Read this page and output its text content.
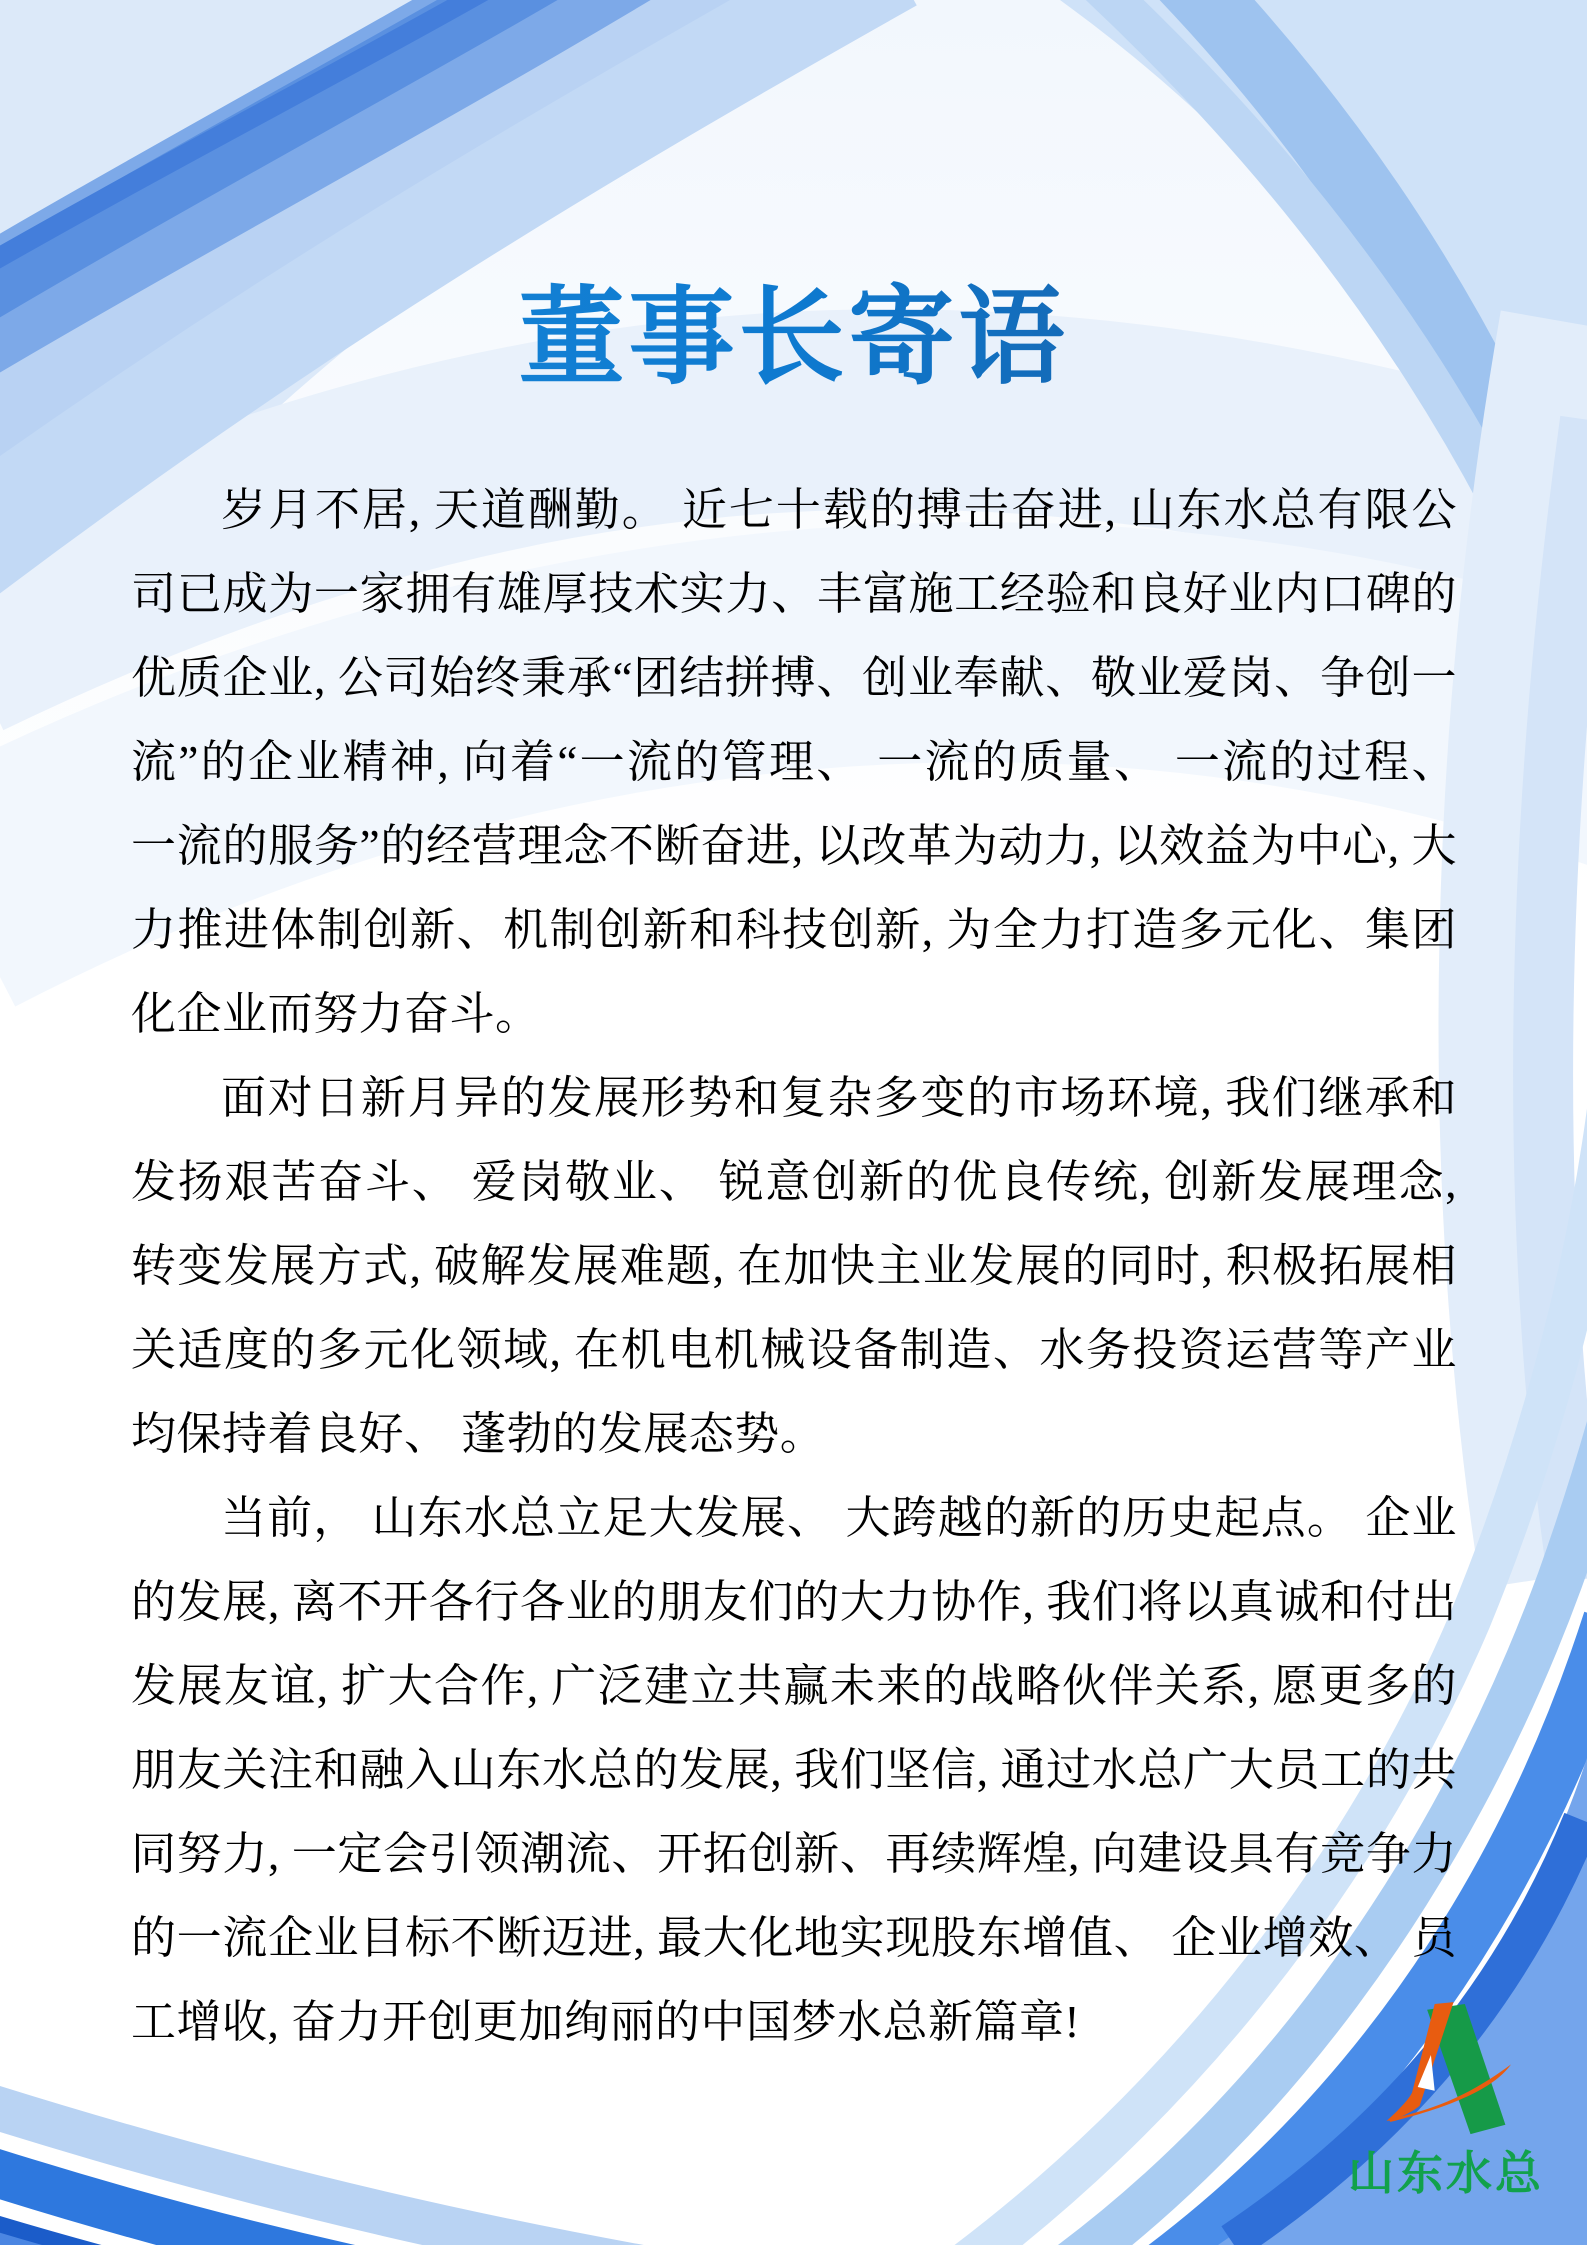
董事长寄语

岁月不居, 天道酬勤。 近七十载的搏击奋进, 山东水总有限公司已成为一家拥有雄厚技术实力、丰富施工经验和良好业内口碑的优质企业, 公司始终秉承“团结拼搏、创业奉献、敬业爱岗、争创一流”的企业精神, 向着“一流的管理、 一流的质量、 一流的过程、 一流的服务”的经营理念不断奋进, 以改革为动力, 以效益为中心, 大力推进体制创新、机制创新和科技创新, 为全力打造多元化、集团化企业而努力奋斗。

面对日新月异的发展形势和复杂多变的市场环境, 我们继承和发扬艰苦奋斗、 爱岗敬业、 锐意创新的优良传统, 创新发展理念, 转变发展方式, 破解发展难题, 在加快主业发展的同时, 积极拓展相关适度的多元化领域, 在机电机械设备制造、水务投资运营等产业均保持着良好、 蓬勃的发展态势。

当前， 山东水总立足大发展、 大跨越的新的历史起点。 企业的发展, 离不开各行各业的朋友们的大力协作, 我们将以真诚和付出发展友谊, 扩大合作, 广泛建立共赢未来的战略伙伴关系, 愿更多的朋友关注和融入山东水总的发展, 我们坚信, 通过水总广大员工的共同努力, 一定会引领潮流、开拓创新、再续辉煌, 向建设具有竞争力的一流企业目标不断迈进, 最大化地实现股东增值、 企业增效、 员工增收, 奋力开创更加绚丽的中国梦水总新篇章!

山东水总
